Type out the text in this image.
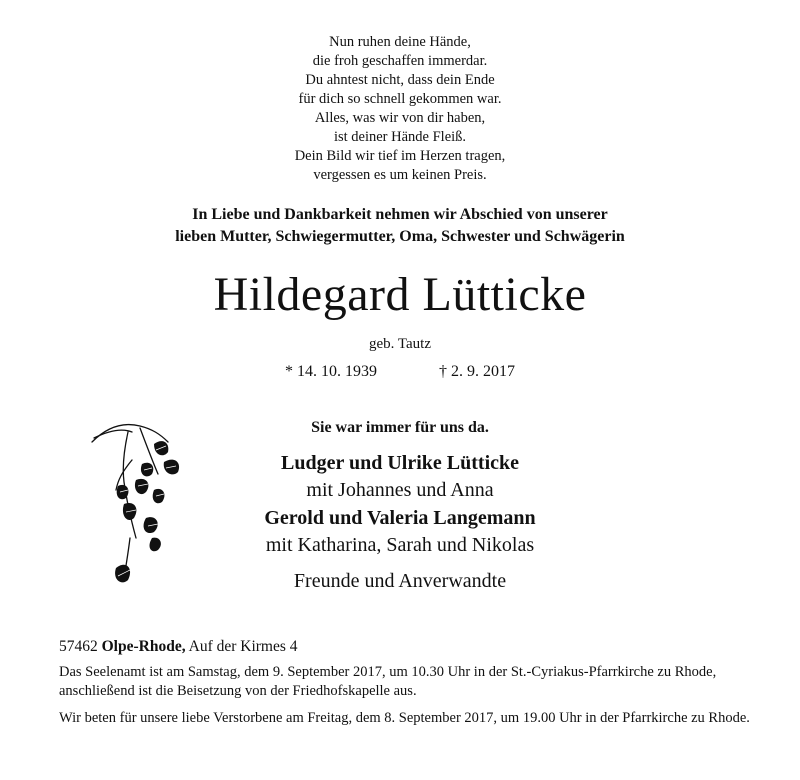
Nun ruhen deine Hände,
die froh geschaffen immerdar.
Du ahntest nicht, dass dein Ende
für dich so schnell gekommen war.
Alles, was wir von dir haben,
ist deiner Hände Fleiß.
Dein Bild wir tief im Herzen tragen,
vergessen es um keinen Preis.
In Liebe und Dankbarkeit nehmen wir Abschied von unserer
lieben Mutter, Schwiegermutter, Oma, Schwester und Schwägerin
Hildegard Lütticke
geb. Tautz
* 14. 10. 1939	† 2. 9. 2017
Sie war immer für uns da.
Ludger und Ulrike Lütticke
mit Johannes und Anna
Gerold und Valeria Langemann
mit Katharina, Sarah und Nikolas
Freunde und Anverwandte
57462 Olpe-Rhode, Auf der Kirmes 4
Das Seelenamt ist am Samstag, dem 9. September 2017, um 10.30 Uhr in der St.-Cyriakus-Pfarrkirche zu Rhode, anschließend ist die Beisetzung von der Friedhofskapelle aus.
Wir beten für unsere liebe Verstorbene am Freitag, dem 8. September 2017, um 19.00 Uhr in der Pfarrkirche zu Rhode.
